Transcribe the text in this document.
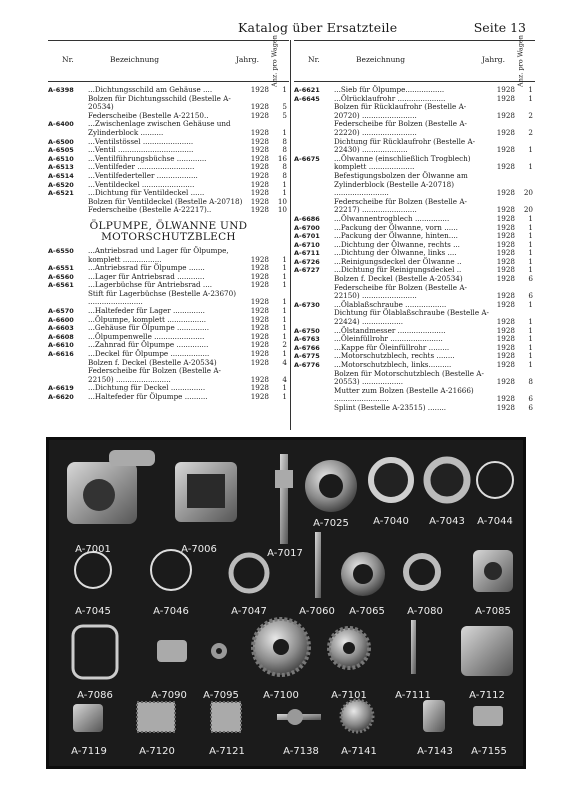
Katalog über Ersatzteile	Seite 13
Nr.	Bezeichnung	Jahrg. Anz. pro Wagen
A-6398	...Dichtungsschild am Gehäuse ....	1928	1
Bolzen für Dichtungsschild (Bestelle A-20534)	1928	5
Federscheibe (Bestelle A-22150..	1928	5
A-6400	...Zwischenlage zwischen Gehäuse und Zylinderblock ..........	1928	1
A-6500	...Ventilstössel ......................	1928	8
A-6505	...Ventil .................................	1928	8
A-6510	...Ventilführungsbüchse .............	1928	16
A-6513	...Ventilfeder .........................	1928	8
A-6514	...Ventilfederteller ..................	1928	8
A-6520	...Ventildeckel .......................	1928	1
A-6521	...Dichtung für Ventildeckel ......	1928	1
Bolzen für Ventildeckel (Bestelle A-20718)	1928	10
Federscheibe (Bestelle A-22217)..	1928	10
ÖLPUMPE, ÖLWANNE UND MOTORSCHUTZBLECH
A-6550	...Antriebsrad und Lager für Ölpumpe, komplett .................	1928	1
A-6551	...Antriebsrad für Ölpumpe .......	1928	1
A-6560	...Lager für Antriebsrad ............	1928	1
A-6561	...Lagerbüchse für Antriebsrad ....	1928	1
Stift für Lagerbüchse (Bestelle A-23670) ........................	1928	1
A-6570	...Haltefeder für Lager ..............	1928	1
A-6600	...Ölpumpe, komplett .................	1928	1
A-6603	...Gehäuse für Ölpumpe ..............	1928	1
A-6608	...Ölpumpenwelle ......................	1928	1
A-6610	...Zahnrad für Ölpumpe ..............	1928	2
A-6616	...Deckel für Ölpumpe .................	1928	1
Bolzen f. Deckel (Bestelle A-20534)	1928	4
Federscheibe für Bolzen (Bestelle A-22150) ........................	1928	4
A-6619	...Dichtung für Deckel ...............	1928	1
A-6620	...Haltefeder für Ölpumpe ..........	1928	1
Nr.	Bezeichnung	Jahrg. Anz. pro Wagen
A-6621	...Sieb für Ölpumpe.................	1928	1
A-6645	...Ölrücklaufrohr .....................	1928	1
Bolzen für Rücklaufrohr (Bestelle A-20720) ........................	1928	2
Federscheibe für Bolzen (Bestelle A-22220) ........................	1928	2
Dichtung für Rücklaufrohr (Bestelle A-22430) ....................	1928	1
A-6675	...Ölwanne (einschließlich Trogblech) komplett ....................	1928	1
Befestigungsbolzen der Ölwanne am Zylinderblock (Bestelle A-20718) ........................	1928	20
Federscheibe für Bolzen (Bestelle A-22217) ........................	1928	20
A-6686	...Ölwannentrogblech ...............	1928	1
A-6700	...Packung der Ölwanne, vorn ......	1928	1
A-6701	...Packung der Ölwanne, hinten....	1928	1
A-6710	...Dichtung der Ölwanne, rechts ...	1928	1
A-6711	...Dichtung der Ölwanne, links ....	1928	1
A-6726	...Reinigungsdeckel der Ölwanne ..	1928	1
A-6727	...Dichtung für Reinigungsdeckel ..	1928	1
Bolzen f. Deckel (Bestelle A-20534)	1928	6
Federscheibe für Bolzen (Bestelle A-22150) ........................	1928	6
A-6730	...Ölablaßschraube ..................	1928	1
Dichtung für Ölablaßschraube (Bestelle A-22424) ..................	1928	1
A-6750	...Ölstandmesser .....................	1928	1
A-6763	...Öleinfüllrohr .......................	1928	1
A-6766	...Kappe für Öleinfüllrohr .........	1928	1
A-6775	...Motorschutzblech, rechts ........	1928	1
A-6776	...Motorschutzblech, links..........	1928	1
Bolzen für Motorschutzblech (Bestelle A-20553) ..................	1928	8
Mutter zum Bolzen (Bestelle A-21666) ........................	1928	6
Splint (Bestelle A-23515) ........	1928	6
A-7001	A-7006	A-7017
A-7025 A-7040 A-7043 A-7044
A-7045	A-7046	A-7047	A-7060 A-7065 A-7080	A-7085
A-7086	A-7090 A-7095 A-7100	A-7101	A-7111	A-7112
A-7119	A-7120	A-7121	A-7138 A-7141	A-7143 A-7155
